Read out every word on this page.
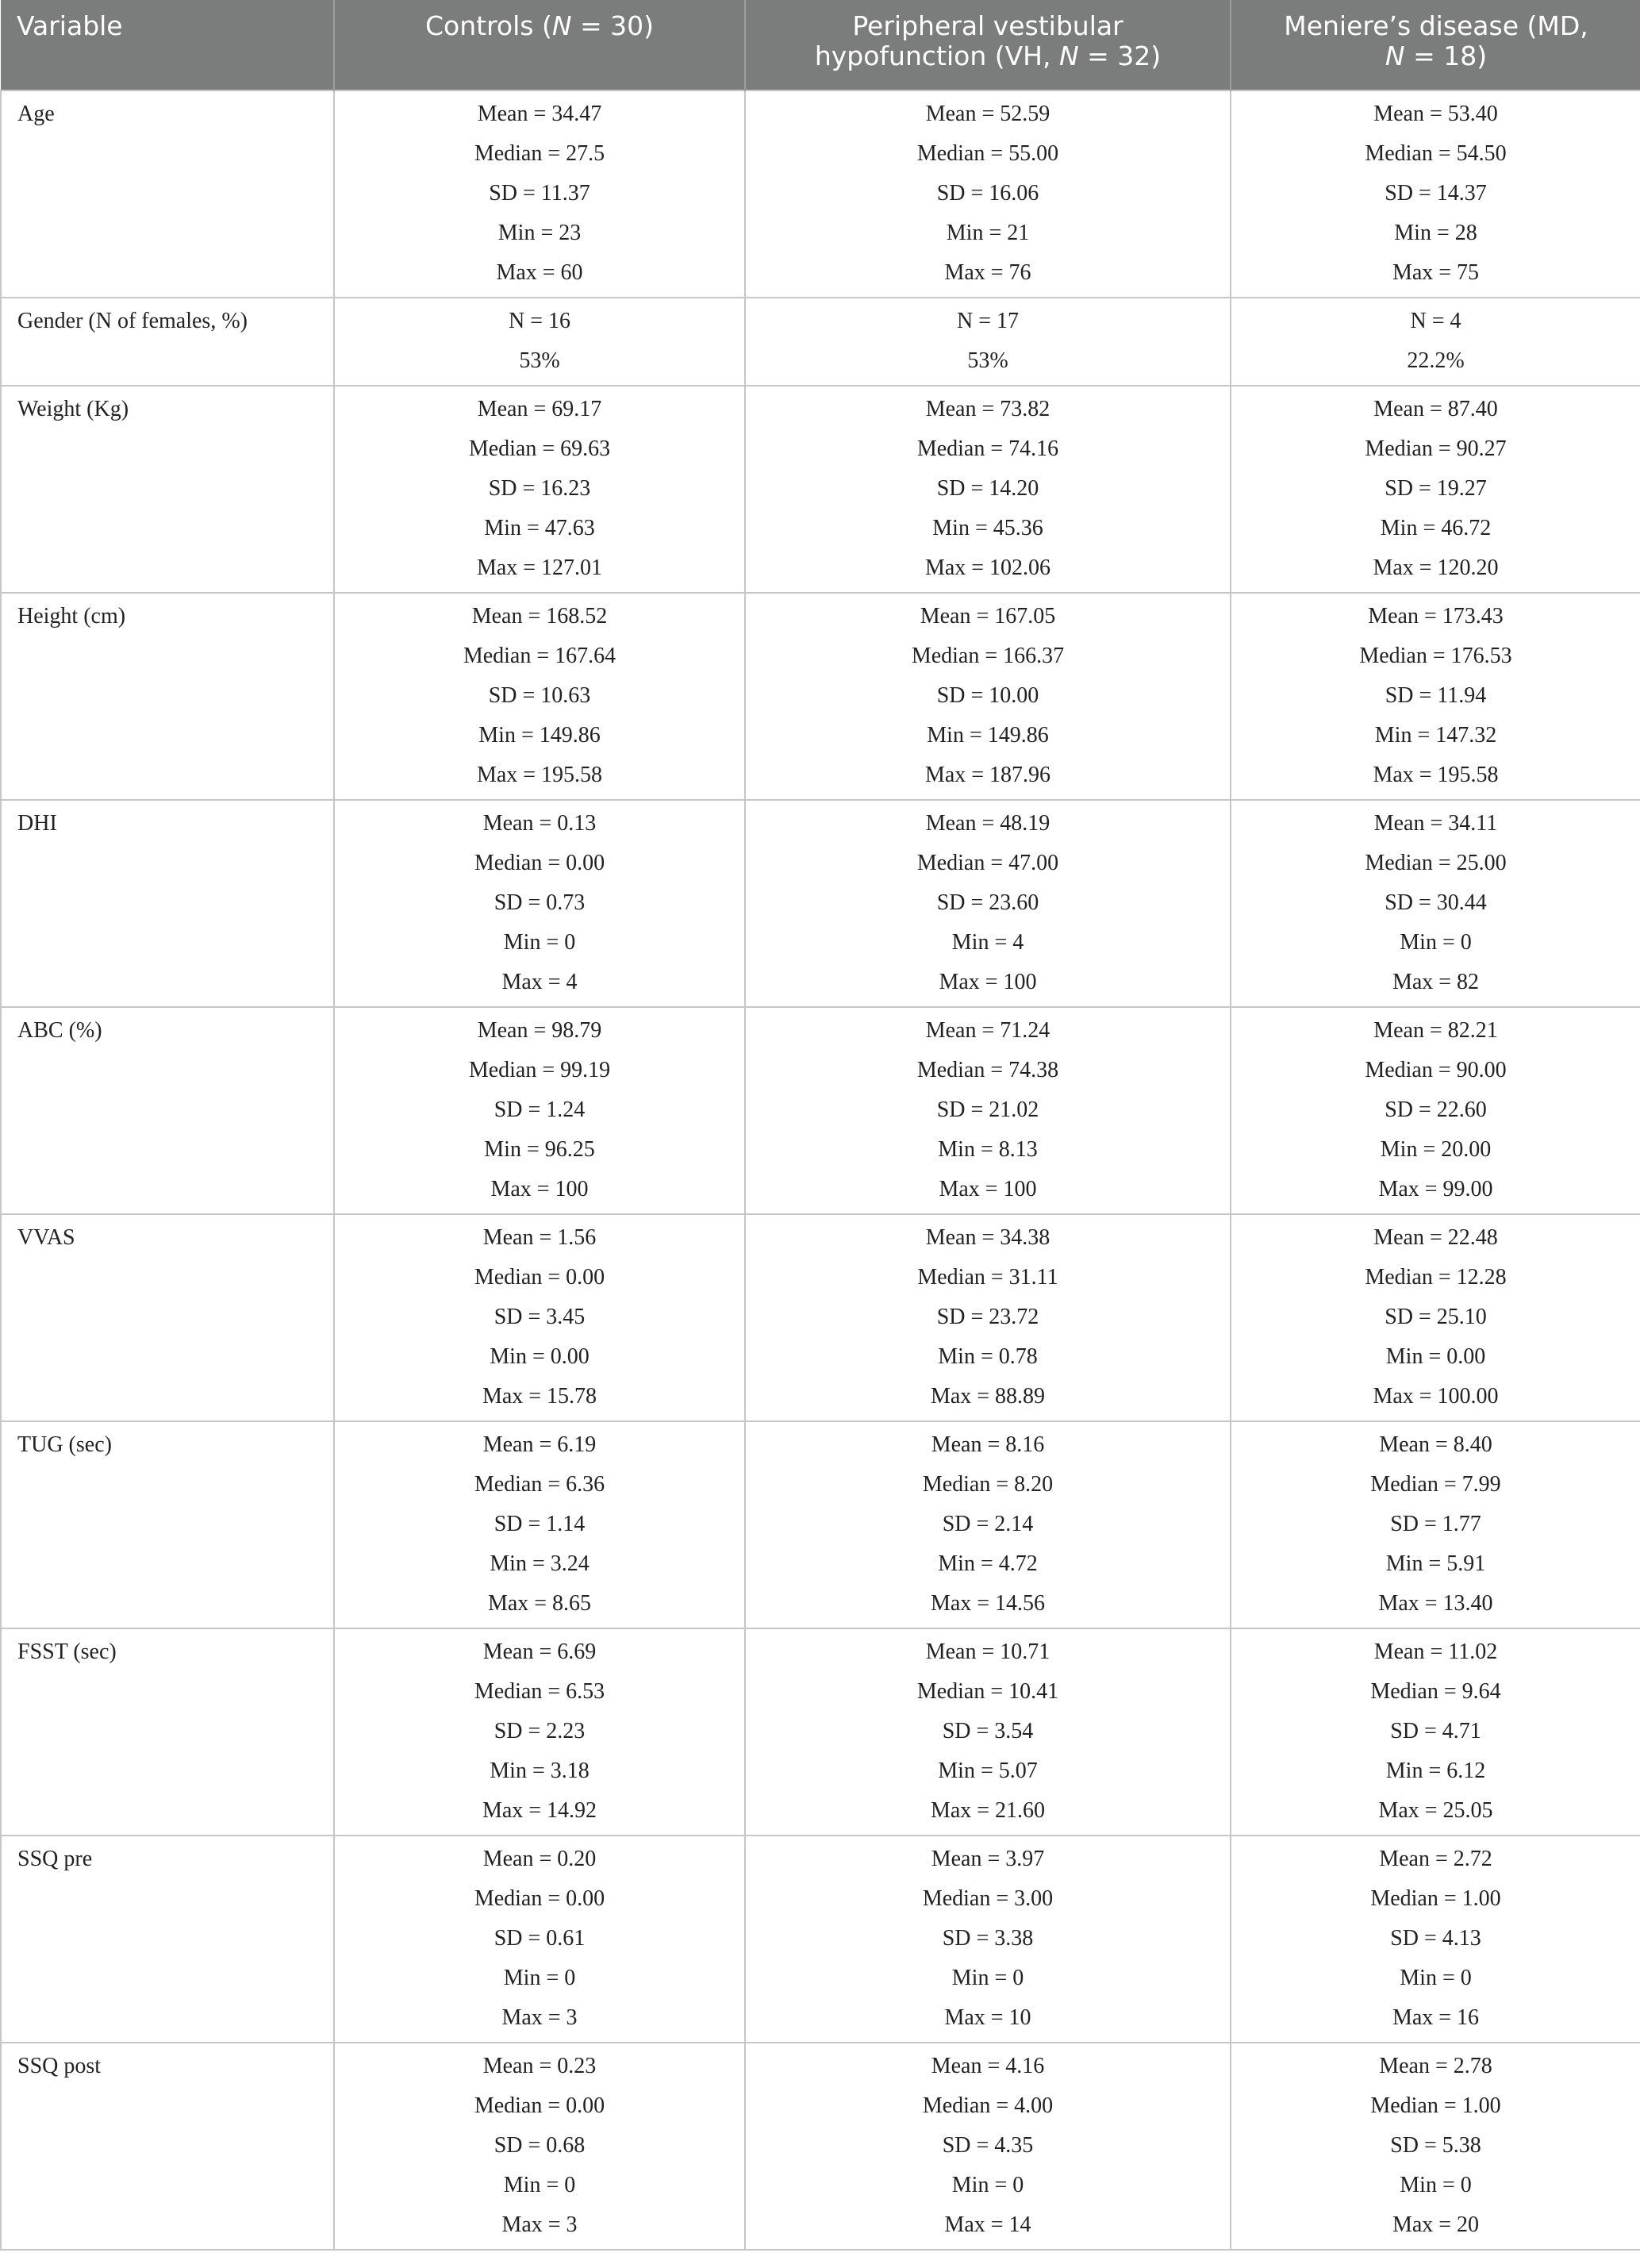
Variable	Controls (N = 30)	Peripheral vestibular
hypofunction (VH, N = 32)	Meniere’s disease (MD,
N = 18)

Age	Mean = 34.47
Median = 27.5
SD = 11.37
Min = 23
Max = 60	Mean = 52.59
Median = 55.00
SD = 16.06
Min = 21
Max = 76	Mean = 53.40
Median = 54.50
SD = 14.37
Min = 28
Max = 75

Gender (N of females, %)	N = 16
53%	N = 17
53%	N = 4
22.2%

Weight (Kg)	Mean = 69.17
Median = 69.63
SD = 16.23
Min = 47.63
Max = 127.01	Mean = 73.82
Median = 74.16
SD = 14.20
Min = 45.36
Max = 102.06	Mean = 87.40
Median = 90.27
SD = 19.27
Min = 46.72
Max = 120.20

Height (cm)	Mean = 168.52
Median = 167.64
SD = 10.63
Min = 149.86
Max = 195.58	Mean = 167.05
Median = 166.37
SD = 10.00
Min = 149.86
Max = 187.96	Mean = 173.43
Median = 176.53
SD = 11.94
Min = 147.32
Max = 195.58

DHI	Mean = 0.13
Median = 0.00
SD = 0.73
Min = 0
Max = 4	Mean = 48.19
Median = 47.00
SD = 23.60
Min = 4
Max = 100	Mean = 34.11
Median = 25.00
SD = 30.44
Min = 0
Max = 82

ABC (%)	Mean = 98.79
Median = 99.19
SD = 1.24
Min = 96.25
Max = 100	Mean = 71.24
Median = 74.38
SD = 21.02
Min = 8.13
Max = 100	Mean = 82.21
Median = 90.00
SD = 22.60
Min = 20.00
Max = 99.00

VVAS	Mean = 1.56
Median = 0.00
SD = 3.45
Min = 0.00
Max = 15.78	Mean = 34.38
Median = 31.11
SD = 23.72
Min = 0.78
Max = 88.89	Mean = 22.48
Median = 12.28
SD = 25.10
Min = 0.00
Max = 100.00

TUG (sec)	Mean = 6.19
Median = 6.36
SD = 1.14
Min = 3.24
Max = 8.65	Mean = 8.16
Median = 8.20
SD = 2.14
Min = 4.72
Max = 14.56	Mean = 8.40
Median = 7.99
SD = 1.77
Min = 5.91
Max = 13.40

FSST (sec)	Mean = 6.69
Median = 6.53
SD = 2.23
Min = 3.18
Max = 14.92	Mean = 10.71
Median = 10.41
SD = 3.54
Min = 5.07
Max = 21.60	Mean = 11.02
Median = 9.64
SD = 4.71
Min = 6.12
Max = 25.05

SSQ pre	Mean = 0.20
Median = 0.00
SD = 0.61
Min = 0
Max = 3	Mean = 3.97
Median = 3.00
SD = 3.38
Min = 0
Max = 10	Mean = 2.72
Median = 1.00
SD = 4.13
Min = 0
Max = 16

SSQ post	Mean = 0.23
Median = 0.00
SD = 0.68
Min = 0
Max = 3	Mean = 4.16
Median = 4.00
SD = 4.35
Min = 0
Max = 14	Mean = 2.78
Median = 1.00
SD = 5.38
Min = 0
Max = 20
